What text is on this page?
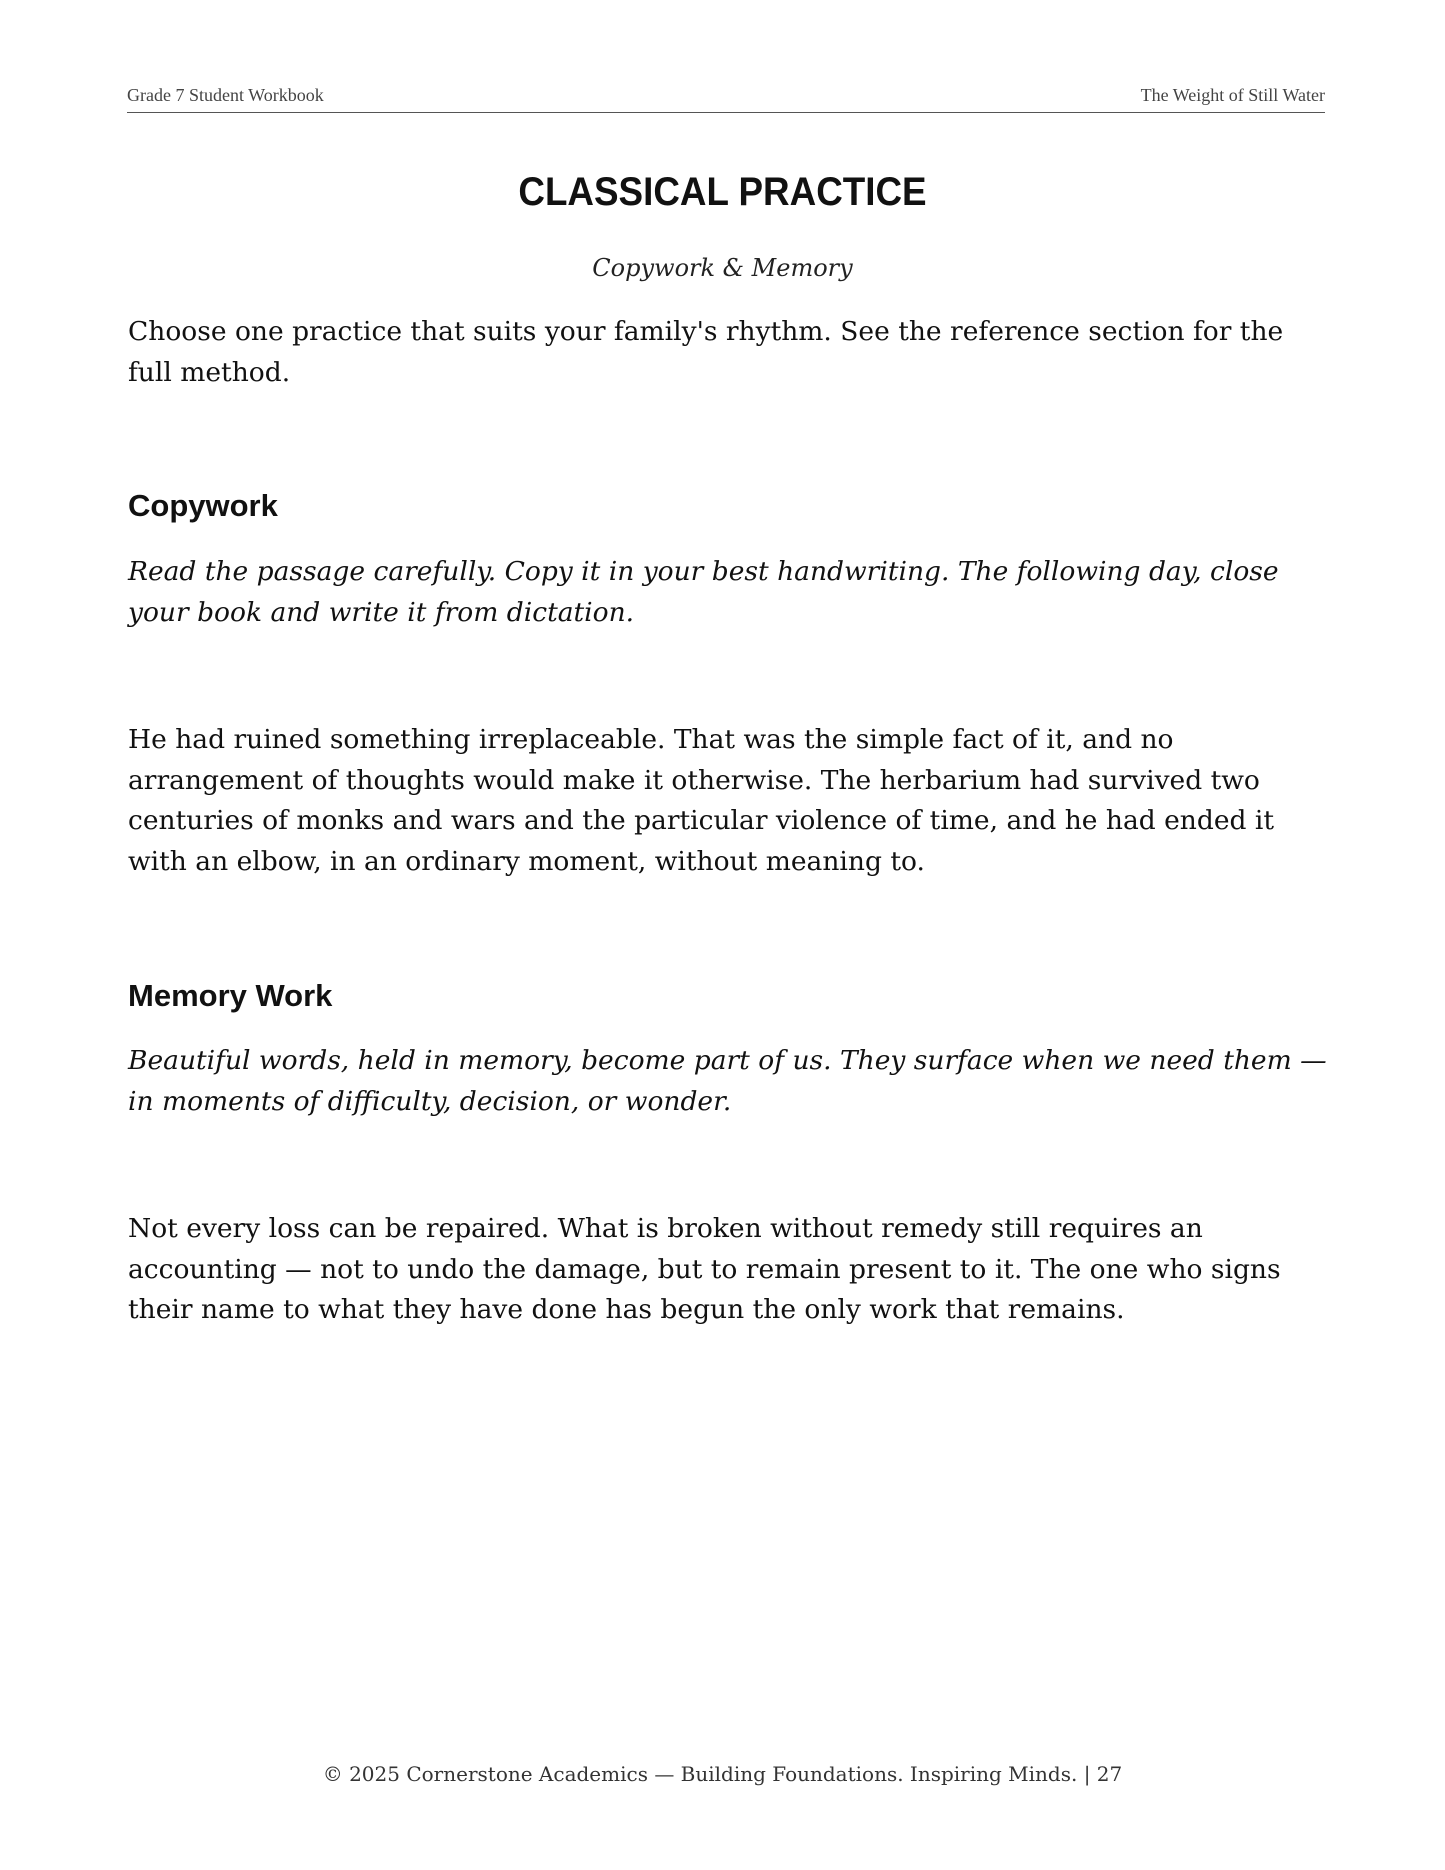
Grade 7 Student Workbook	The Weight of Still Water
CLASSICAL PRACTICE
Copywork & Memory

Choose one practice that suits your family's rhythm. See the reference section for the full method.

Copywork

Read the passage carefully. Copy it in your best handwriting. The following day, close your book and write it from dictation.

He had ruined something irreplaceable. That was the simple fact of it, and no arrangement of thoughts would make it otherwise. The herbarium had survived two centuries of monks and wars and the particular violence of time, and he had ended it with an elbow, in an ordinary moment, without meaning to.

Memory Work

Beautiful words, held in memory, become part of us. They surface when we need them — in moments of difficulty, decision, or wonder.

Not every loss can be repaired. What is broken without remedy still requires an accounting — not to undo the damage, but to remain present to it. The one who signs their name to what they have done has begun the only work that remains.

© 2025 Cornerstone Academics — Building Foundations. Inspiring Minds. | 27
